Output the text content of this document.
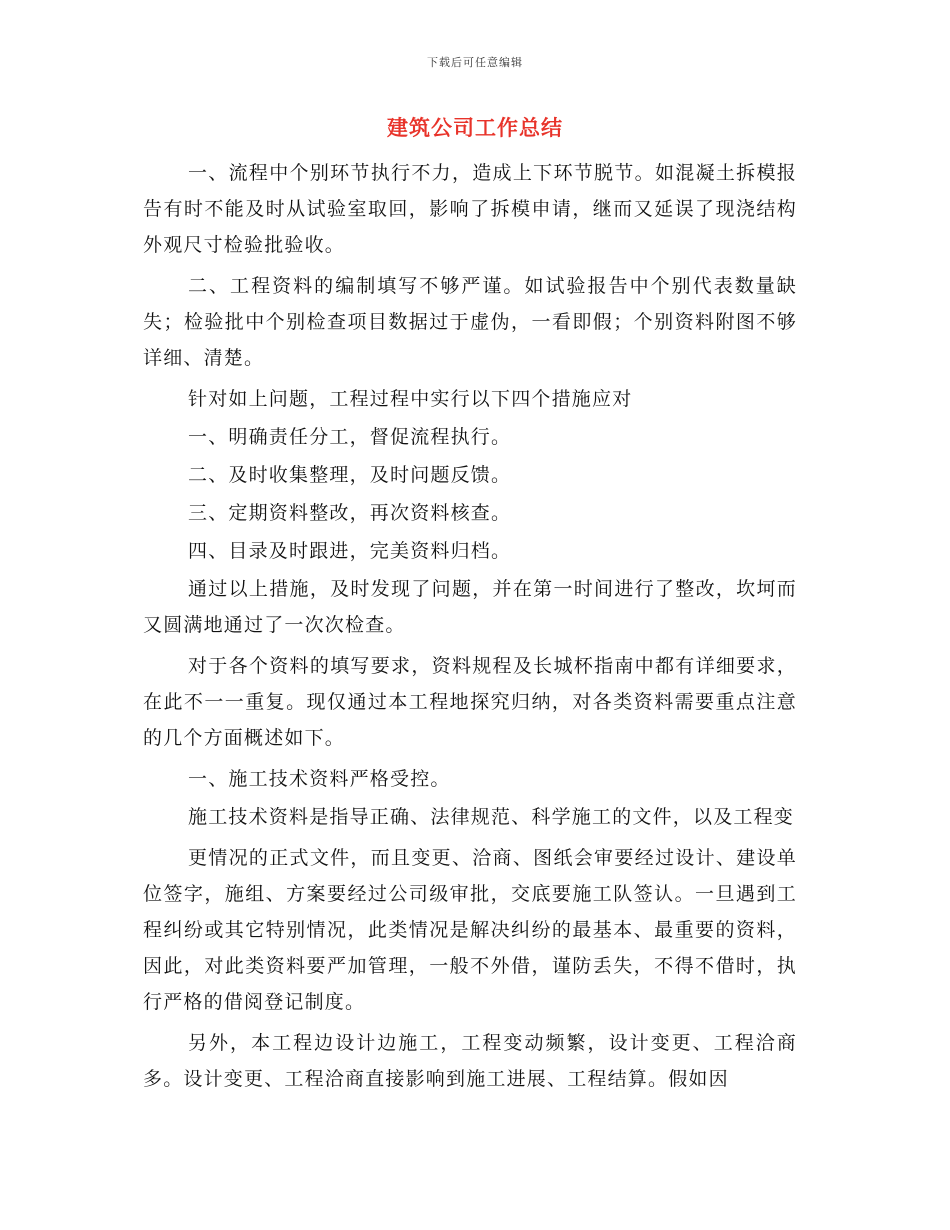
下载后可任意编辑
建筑公司工作总结

一、流程中个别环节执行不力，造成上下环节脱节。如混凝土拆模报告有时不能及时从试验室取回，影响了拆模申请，继而又延误了现浇结构外观尺寸检验批验收。

二、工程资料的编制填写不够严谨。如试验报告中个别代表数量缺失；检验批中个别检查项目数据过于虚伪，一看即假；个别资料附图不够详细、清楚。

针对如上问题，工程过程中实行以下四个措施应对

一、明确责任分工，督促流程执行。

二、及时收集整理，及时问题反馈。

三、定期资料整改，再次资料核查。

四、目录及时跟进，完美资料归档。

通过以上措施，及时发现了问题，并在第一时间进行了整改，坎坷而又圆满地通过了一次次检查。

对于各个资料的填写要求，资料规程及长城杯指南中都有详细要求，在此不一一重复。现仅通过本工程地探究归纳，对各类资料需要重点注意的几个方面概述如下。

一、施工技术资料严格受控。

施工技术资料是指导正确、法律规范、科学施工的文件，以及工程变

更情况的正式文件，而且变更、洽商、图纸会审要经过设计、建设单位签字，施组、方案要经过公司级审批，交底要施工队签认。一旦遇到工程纠纷或其它特别情况，此类情况是解决纠纷的最基本、最重要的资料，因此，对此类资料要严加管理，一般不外借，谨防丢失，不得不借时，执行严格的借阅登记制度。

另外，本工程边设计边施工，工程变动频繁，设计变更、工程洽商多。设计变更、工程洽商直接影响到施工进展、工程结算。假如因
